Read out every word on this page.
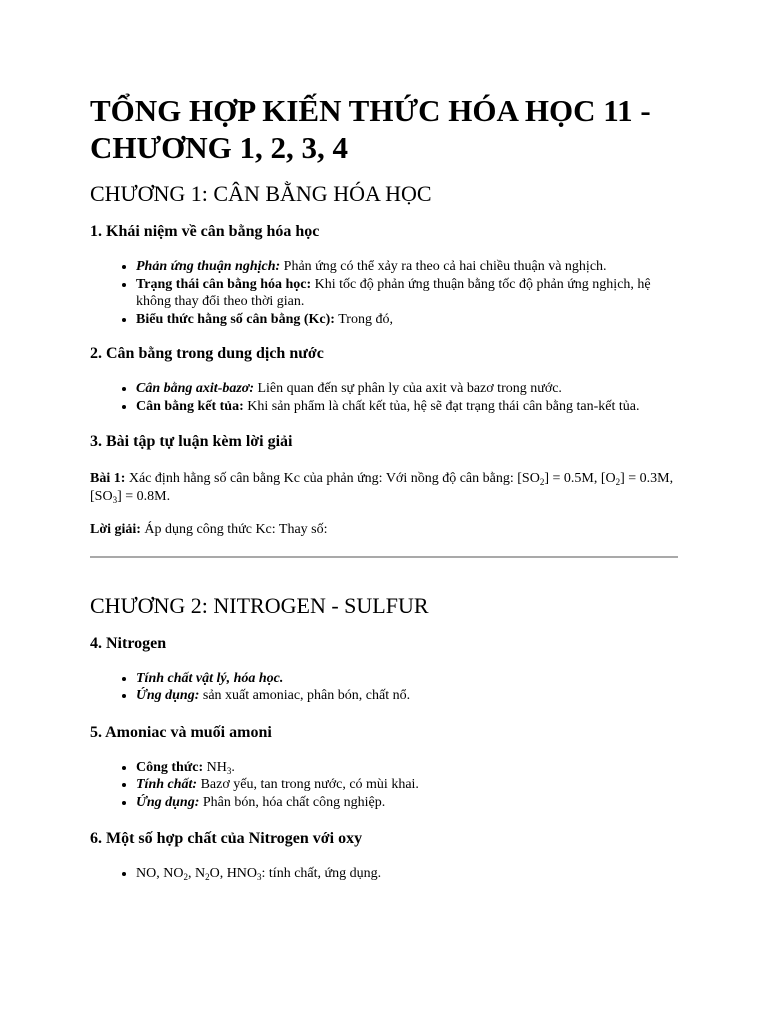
TỔNG HỢP KIẾN THỨC HÓA HỌC 11 - CHƯƠNG 1, 2, 3, 4
CHƯƠNG 1: CÂN BẰNG HÓA HỌC
1. Khái niệm về cân bằng hóa học
• Phản ứng thuận nghịch: Phản ứng có thể xảy ra theo cả hai chiều thuận và nghịch.
• Trạng thái cân bằng hóa học: Khi tốc độ phản ứng thuận bằng tốc độ phản ứng nghịch, hệ không thay đổi theo thời gian.
• Biểu thức hằng số cân bằng (Kc): Trong đó,
2. Cân bằng trong dung dịch nước
• Cân bằng axit-bazơ: Liên quan đến sự phân ly của axit và bazơ trong nước.
• Cân bằng kết tủa: Khi sản phẩm là chất kết tủa, hệ sẽ đạt trạng thái cân bằng tan-kết tủa.
3. Bài tập tự luận kèm lời giải

Bài 1: Xác định hằng số cân bằng Kc của phản ứng: Với nồng độ cân bằng: $[SO_2] = 0.5M$, $[O_2] = 0.3M$, $[SO_3] = 0.8M$.

Lời giải: Áp dụng công thức Kc: Thay số:

CHƯƠNG 2: NITROGEN - SULFUR
4. Nitrogen
• Tính chất vật lý, hóa học.
• Ứng dụng: sản xuất amoniac, phân bón, chất nổ.
5. Amoniac và muối amoni
• Công thức: $NH_3$.
• Tính chất: Bazơ yếu, tan trong nước, có mùi khai.
• Ứng dụng: Phân bón, hóa chất công nghiệp.
6. Một số hợp chất của Nitrogen với oxy
• NO, $NO_2$, $N_2O$, $HNO_3$: tính chất, ứng dụng.
